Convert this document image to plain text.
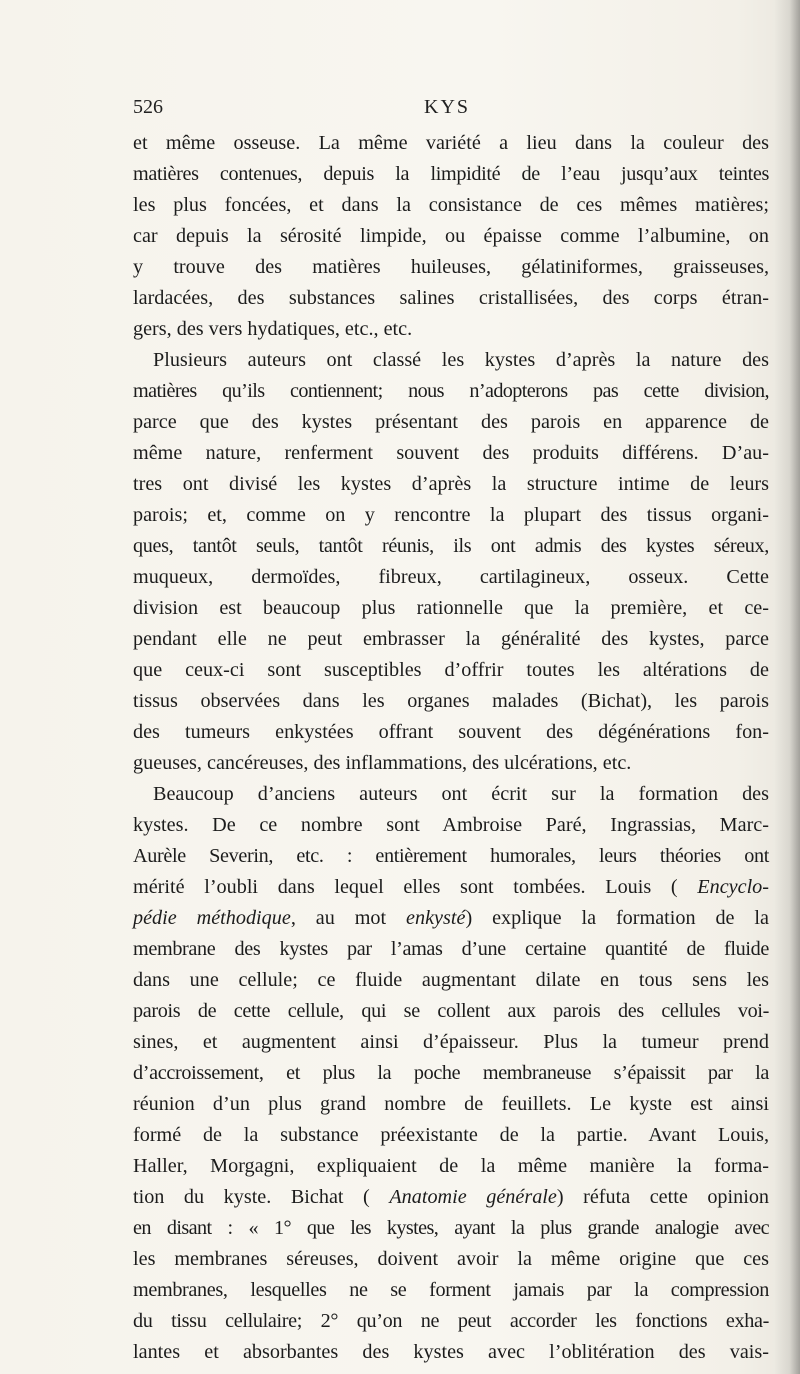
526	KYS
et même osseuse. La même variété a lieu dans la couleur des
matières contenues, depuis la limpidité de l’eau jusqu’aux teintes
les plus foncées, et dans la consistance de ces mêmes matières;
car depuis la sérosité limpide, ou épaisse comme l’albumine, on
y trouve des matières huileuses, gélatiniformes, graisseuses,
lardacées, des substances salines cristallisées, des corps étran-
gers, des vers hydatiques, etc., etc.
Plusieurs auteurs ont classé les kystes d’après la nature des
matières qu’ils contiennent; nous n’adopterons pas cette division,
parce que des kystes présentant des parois en apparence de
même nature, renferment souvent des produits différens. D’au-
tres ont divisé les kystes d’après la structure intime de leurs
parois; et, comme on y rencontre la plupart des tissus organi-
ques, tantôt seuls, tantôt réunis, ils ont admis des kystes séreux,
muqueux, dermoïdes, fibreux, cartilagineux, osseux. Cette
division est beaucoup plus rationnelle que la première, et ce-
pendant elle ne peut embrasser la généralité des kystes, parce
que ceux-ci sont susceptibles d’offrir toutes les altérations de
tissus observées dans les organes malades (Bichat), les parois
des tumeurs enkystées offrant souvent des dégénérations fon-
gueuses, cancéreuses, des inflammations, des ulcérations, etc.
Beaucoup d’anciens auteurs ont écrit sur la formation des
kystes. De ce nombre sont Ambroise Paré, Ingrassias, Marc-
Aurèle Severin, etc. : entièrement humorales, leurs théories ont
mérité l’oubli dans lequel elles sont tombées. Louis ( Encyclo-
pédie méthodique, au mot enkysté) explique la formation de la
membrane des kystes par l’amas d’une certaine quantité de fluide
dans une cellule; ce fluide augmentant dilate en tous sens les
parois de cette cellule, qui se collent aux parois des cellules voi-
sines, et augmentent ainsi d’épaisseur. Plus la tumeur prend
d’accroissement, et plus la poche membraneuse s’épaissit par la
réunion d’un plus grand nombre de feuillets. Le kyste est ainsi
formé de la substance préexistante de la partie. Avant Louis,
Haller, Morgagni, expliquaient de la même manière la forma-
tion du kyste. Bichat ( Anatomie générale) réfuta cette opinion
en disant : « 1° que les kystes, ayant la plus grande analogie avec
les membranes séreuses, doivent avoir la même origine que ces
membranes, lesquelles ne se forment jamais par la compression
du tissu cellulaire; 2° qu’on ne peut accorder les fonctions exha-
lantes et absorbantes des kystes avec l’oblitération des vais-
